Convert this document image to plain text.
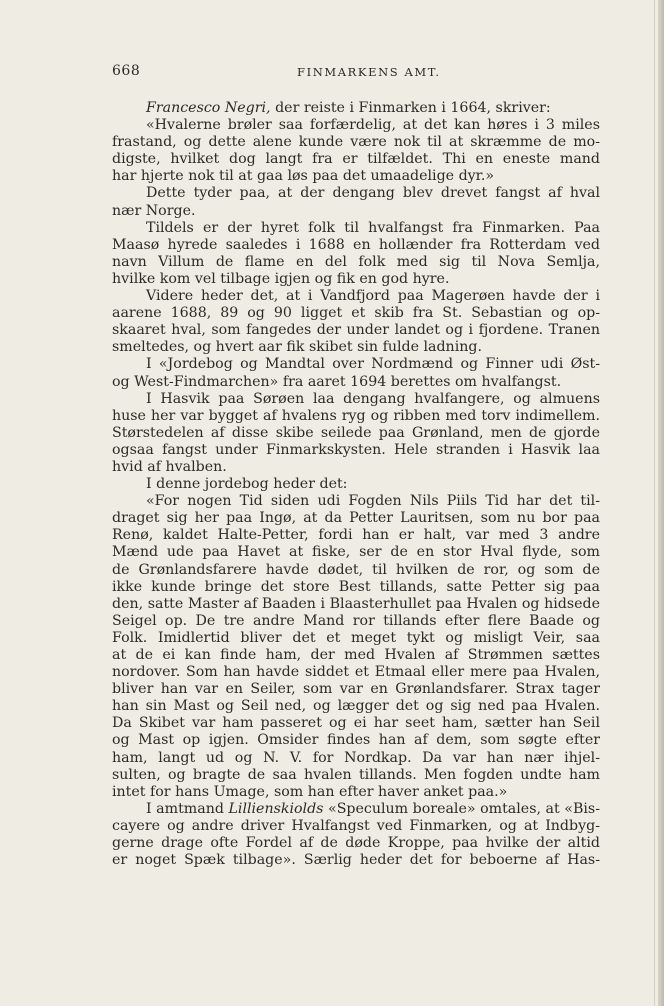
668	FINMARKENS AMT.
Francesco Negri, der reiste i Finmarken i 1664, skriver:
«Hvalerne brøler saa forfærdelig, at det kan høres i 3 miles
frastand, og dette alene kunde være nok til at skræmme de mo-
digste, hvilket dog langt fra er tilfældet. Thi en eneste mand
har hjerte nok til at gaa løs paa det umaadelige dyr.»
Dette tyder paa, at der dengang blev drevet fangst af hval
nær Norge.
Tildels er der hyret folk til hvalfangst fra Finmarken. Paa
Maasø hyrede saaledes i 1688 en hollænder fra Rotterdam ved
navn Villum de flame en del folk med sig til Nova Semlja,
hvilke kom vel tilbage igjen og fik en god hyre.
Videre heder det, at i Vandfjord paa Magerøen havde der i
aarene 1688, 89 og 90 ligget et skib fra St. Sebastian og op-
skaaret hval, som fangedes der under landet og i fjordene. Tranen
smeltedes, og hvert aar fik skibet sin fulde ladning.
I «Jordebog og Mandtal over Nordmænd og Finner udi Øst-
og West-Findmarchen» fra aaret 1694 berettes om hvalfangst.
I Hasvik paa Sørøen laa dengang hvalfangere, og almuens
huse her var bygget af hvalens ryg og ribben med torv indimellem.
Størstedelen af disse skibe seilede paa Grønland, men de gjorde
ogsaa fangst under Finmarkskysten. Hele stranden i Hasvik laa
hvid af hvalben.
I denne jordebog heder det:
«For nogen Tid siden udi Fogden Nils Piils Tid har det til-
draget sig her paa Ingø, at da Petter Lauritsen, som nu bor paa
Renø, kaldet Halte-Petter, fordi han er halt, var med 3 andre
Mænd ude paa Havet at fiske, ser de en stor Hval flyde, som
de Grønlandsfarere havde dødet, til hvilken de ror, og som de
ikke kunde bringe det store Best tillands, satte Petter sig paa
den, satte Master af Baaden i Blaasterhullet paa Hvalen og hidsede
Seigel op. De tre andre Mand ror tillands efter flere Baade og
Folk. Imidlertid bliver det et meget tykt og misligt Veir, saa
at de ei kan finde ham, der med Hvalen af Strømmen sættes
nordover. Som han havde siddet et Etmaal eller mere paa Hvalen,
bliver han var en Seiler, som var en Grønlandsfarer. Strax tager
han sin Mast og Seil ned, og lægger det og sig ned paa Hvalen.
Da Skibet var ham passeret og ei har seet ham, sætter han Seil
og Mast op igjen. Omsider findes han af dem, som søgte efter
ham, langt ud og N. V. for Nordkap. Da var han nær ihjel-
sulten, og bragte de saa hvalen tillands. Men fogden undte ham
intet for hans Umage, som han efter haver anket paa.»
I amtmand Lillienskiolds «Speculum boreale» omtales, at «Bis-
cayere og andre driver Hvalfangst ved Finmarken, og at Indbyg-
gerne drage ofte Fordel af de døde Kroppe, paa hvilke der altid
er noget Spæk tilbage». Særlig heder det for beboerne af Has-
